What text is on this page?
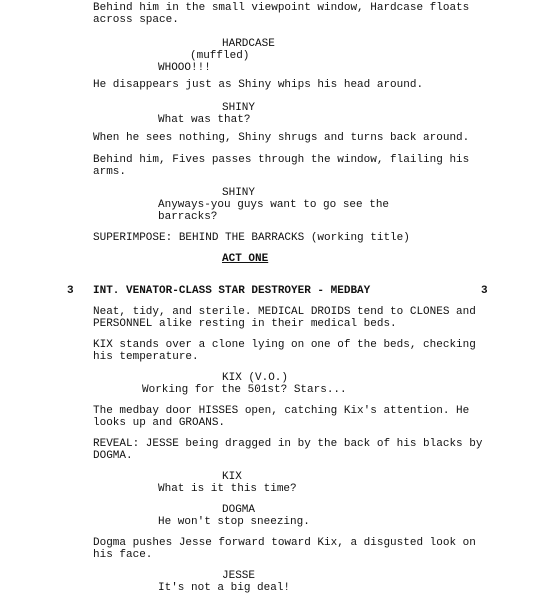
Behind him in the small viewpoint window, Hardcase floats
across space.
HARDCASE
(muffled)
WHOOO!!!
He disappears just as Shiny whips his head around.
SHINY
What was that?
When he sees nothing, Shiny shrugs and turns back around.
Behind him, Fives passes through the window, flailing his
arms.
SHINY
Anyways-you guys want to go see the
barracks?
SUPERIMPOSE: BEHIND THE BARRACKS (working title)
ACT ONE
3 INT. VENATOR-CLASS STAR DESTROYER - MEDBAY	3
Neat, tidy, and sterile. MEDICAL DROIDS tend to CLONES and
PERSONNEL alike resting in their medical beds.
KIX stands over a clone lying on one of the beds, checking
his temperature.
KIX (V.O.)
Working for the 501st? Stars...
The medbay door HISSES open, catching Kix's attention. He
looks up and GROANS.
REVEAL: JESSE being dragged in by the back of his blacks by
DOGMA.
KIX
What is it this time?
DOGMA
He won't stop sneezing.
Dogma pushes Jesse forward toward Kix, a disgusted look on
his face.
JESSE
It's not a big deal!
